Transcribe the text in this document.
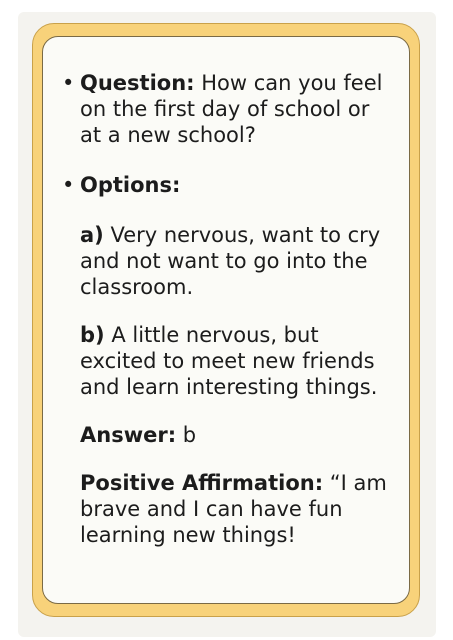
• Question: How can you feel on the first day of school or at a new school?
• Options:
a) Very nervous, want to cry and not want to go into the classroom.
b) A little nervous, but excited to meet new friends and learn interesting things.
Answer: b
Positive Affirmation: “I am brave and I can have fun learning new things!
